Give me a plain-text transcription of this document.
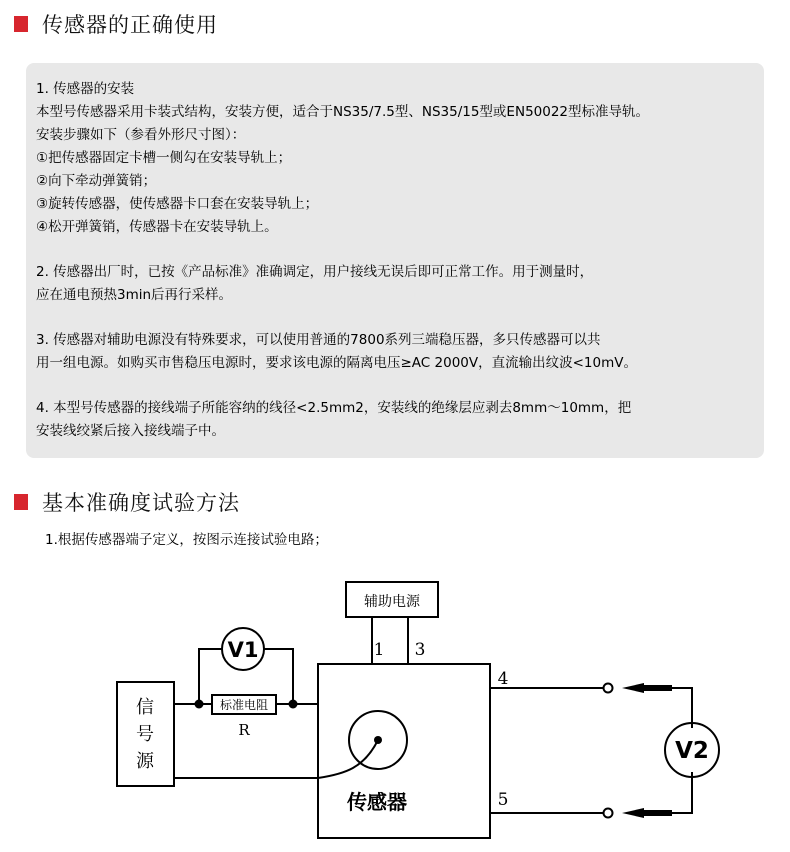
传感器的正确使用

1. 传感器的安装

本型号传感器采用卡装式结构，安装方便，适合于NS35/7.5型、NS35/15型或EN50022型标准导轨。

安装步骤如下（参看外形尺寸图）：

①把传感器固定卡槽一侧勾在安装导轨上；

②向下牵动弹簧销；

③旋转传感器，使传感器卡口套在安装导轨上；

④松开弹簧销，传感器卡在安装导轨上。

2. 传感器出厂时，已按《产品标准》准确调定，用户接线无误后即可正常工作。用于测量时，

应在通电预热3min后再行采样。

3. 传感器对辅助电源没有特殊要求，可以使用普通的7800系列三端稳压器，多只传感器可以共

用一组电源。如购买市售稳压电源时，要求该电源的隔离电压≥AC 2000V，直流输出纹波<10mV。

4. 本型号传感器的接线端子所能容纳的线径<2.5mm2，安装线的绝缘层应剥去8mm～10mm，把

安装线绞紧后接入接线端子中。

基本准确度试验方法
1.根据传感器端子定义，按图示连接试验电路；
辅助电源
1 3
4
5
V1
V2
标准电阻
R
信
号
源
传感器
